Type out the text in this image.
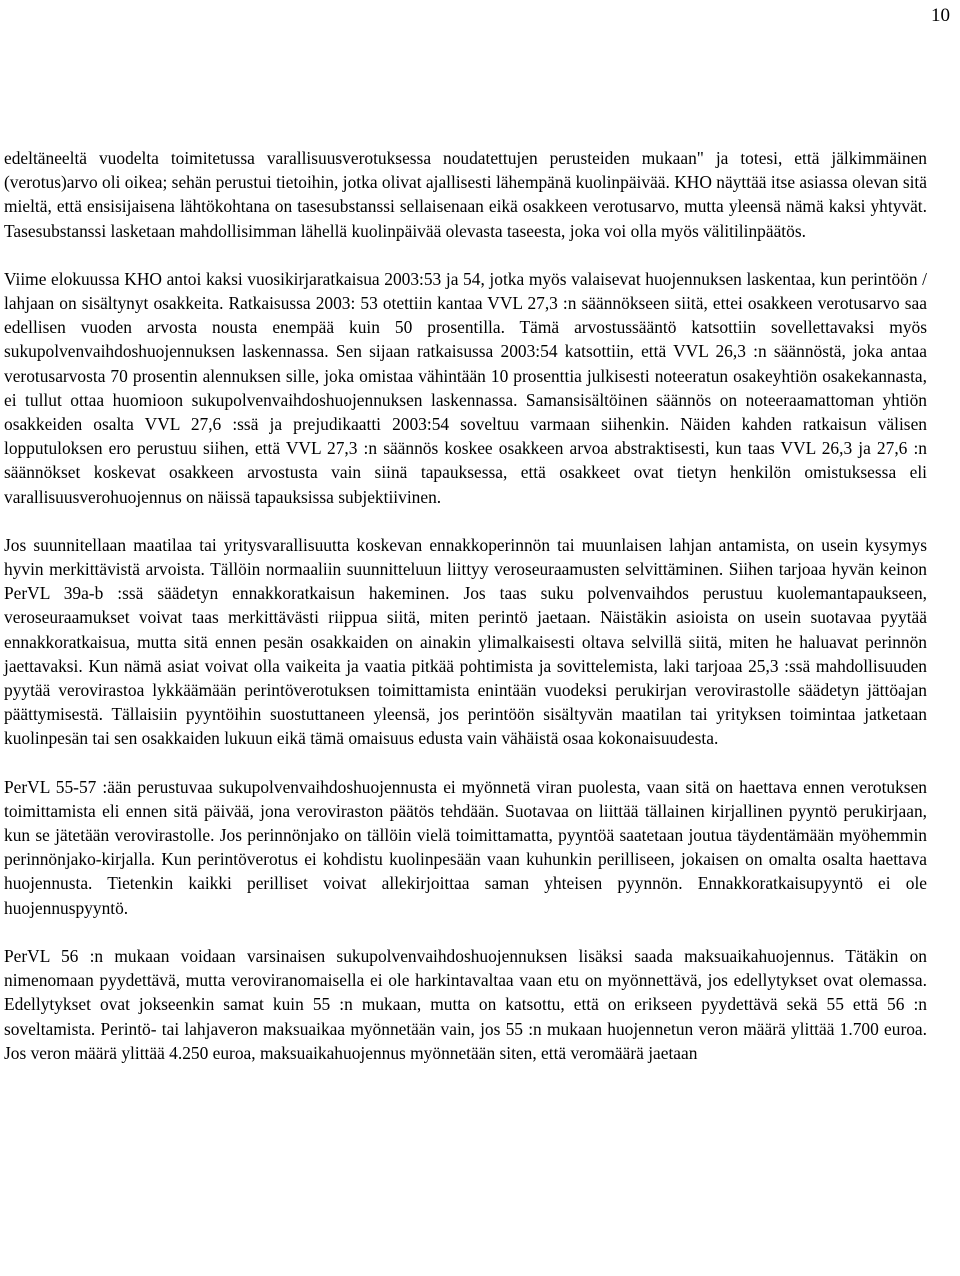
10

edeltäneeltä vuodelta toimitetussa varallisuusverotuksessa noudatettujen perusteiden mukaan" ja totesi, että jälkimmäinen (verotus)arvo oli oikea; sehän perustui tietoihin, jotka olivat ajallisesti lähempänä kuolinpäivää. KHO näyttää itse asiassa olevan sitä mieltä, että ensisijaisena lähtökohtana on tasesubstanssi sellaisenaan eikä osakkeen verotusarvo, mutta yleensä nämä kaksi yhtyvät. Tasesubstanssi lasketaan mahdollisimman lähellä kuolinpäivää olevasta taseesta, joka voi olla myös välitilinpäätös.

Viime elokuussa KHO antoi kaksi vuosikirjaratkaisua 2003:53 ja 54, jotka myös valaisevat huojennuksen laskentaa, kun perintöön / lahjaan on sisältynyt osakkeita. Ratkaisussa 2003: 53 otettiin kantaa VVL 27,3 :n säännökseen siitä, ettei osakkeen verotusarvo saa edellisen vuoden arvosta nousta enempää kuin 50 prosentilla. Tämä arvostussääntö katsottiin sovellettavaksi myös sukupolvenvaihdoshuojennuksen laskennassa. Sen sijaan ratkaisussa 2003:54 katsottiin, että VVL 26,3 :n säännöstä, joka antaa verotusarvosta 70 prosentin alennuksen sille, joka omistaa vähintään 10 prosenttia julkisesti noteeratun osakeyhtiön osakekannasta, ei tullut ottaa huomioon sukupolvenvaihdoshuojennuksen laskennassa. Samansisältöinen säännös on noteeraamattoman yhtiön osakkeiden osalta VVL 27,6 :ssä ja prejudikaatti 2003:54 soveltuu varmaan siihenkin. Näiden kahden ratkaisun välisen lopputuloksen ero perustuu siihen, että VVL 27,3 :n säännös koskee osakkeen arvoa abstraktisesti, kun taas VVL 26,3 ja 27,6 :n säännökset koskevat osakkeen arvostusta vain siinä tapauksessa, että osakkeet ovat tietyn henkilön omistuksessa eli varallisuusverohuojennus on näissä tapauksissa subjektiivinen.

Jos suunnitellaan maatilaa tai yritysvarallisuutta koskevan ennakkoperinnön tai muunlaisen lahjan antamista, on usein kysymys hyvin merkittävistä arvoista. Tällöin normaaliin suunnitteluun liittyy veroseuraamusten selvittäminen. Siihen tarjoaa hyvän keinon PerVL 39a-b :ssä säädetyn ennakkoratkaisun hakeminen. Jos taas suku polvenvaihdos perustuu kuolemantapaukseen, veroseuraamukset voivat taas merkittävästi riippua siitä, miten perintö jaetaan. Näistäkin asioista on usein suotavaa pyytää ennakkoratkaisua, mutta sitä ennen pesän osakkaiden on ainakin ylimalkaisesti oltava selvillä siitä, miten he haluavat perinnön jaettavaksi. Kun nämä asiat voivat olla vaikeita ja vaatia pitkää pohtimista ja sovittelemista, laki tarjoaa 25,3 :ssä mahdollisuuden pyytää verovirastoa lykkäämään perintöverotuksen toimittamista enintään vuodeksi perukirjan verovirastolle säädetyn jättöajan päättymisestä. Tällaisiin pyyntöihin suostuttaneen yleensä, jos perintöön sisältyvän maatilan tai yrityksen toimintaa jatketaan kuolinpesän tai sen osakkaiden lukuun eikä tämä omaisuus edusta vain vähäistä osaa kokonaisuudesta.

PerVL 55-57 :ään perustuvaa sukupolvenvaihdoshuojennusta ei myönnetä viran puolesta, vaan sitä on haettava ennen verotuksen toimittamista eli ennen sitä päivää, jona veroviraston päätös tehdään. Suotavaa on liittää tällainen kirjallinen pyyntö perukirjaan, kun se jätetään verovirastolle. Jos perinnönjako on tällöin vielä toimittamatta, pyyntöä saatetaan joutua täydentämään myöhemmin perinnönjako-kirjalla. Kun perintöverotus ei kohdistu kuolinpesään vaan kuhunkin perilliseen, jokaisen on omalta osalta haettava huojennusta. Tietenkin kaikki perilliset voivat allekirjoittaa saman yhteisen pyynnön. Ennakkoratkaisupyyntö ei ole huojennuspyyntö.

PerVL 56 :n mukaan voidaan varsinaisen sukupolvenvaihdoshuojennuksen lisäksi saada maksuaikahuojennus. Tätäkin on nimenomaan pyydettävä, mutta veroviranomaisella ei ole harkintavaltaa vaan etu on myönnettävä, jos edellytykset ovat olemassa. Edellytykset ovat jokseenkin samat kuin 55 :n mukaan, mutta on katsottu, että on erikseen pyydettävä sekä 55 että 56 :n soveltamista. Perintö- tai lahjaveron maksuaikaa myönnetään vain, jos 55 :n mukaan huojennetun veron määrä ylittää 1.700 euroa. Jos veron määrä ylittää 4.250 euroa, maksuaikahuojennus myönnetään siten, että veromäärä jaetaan
